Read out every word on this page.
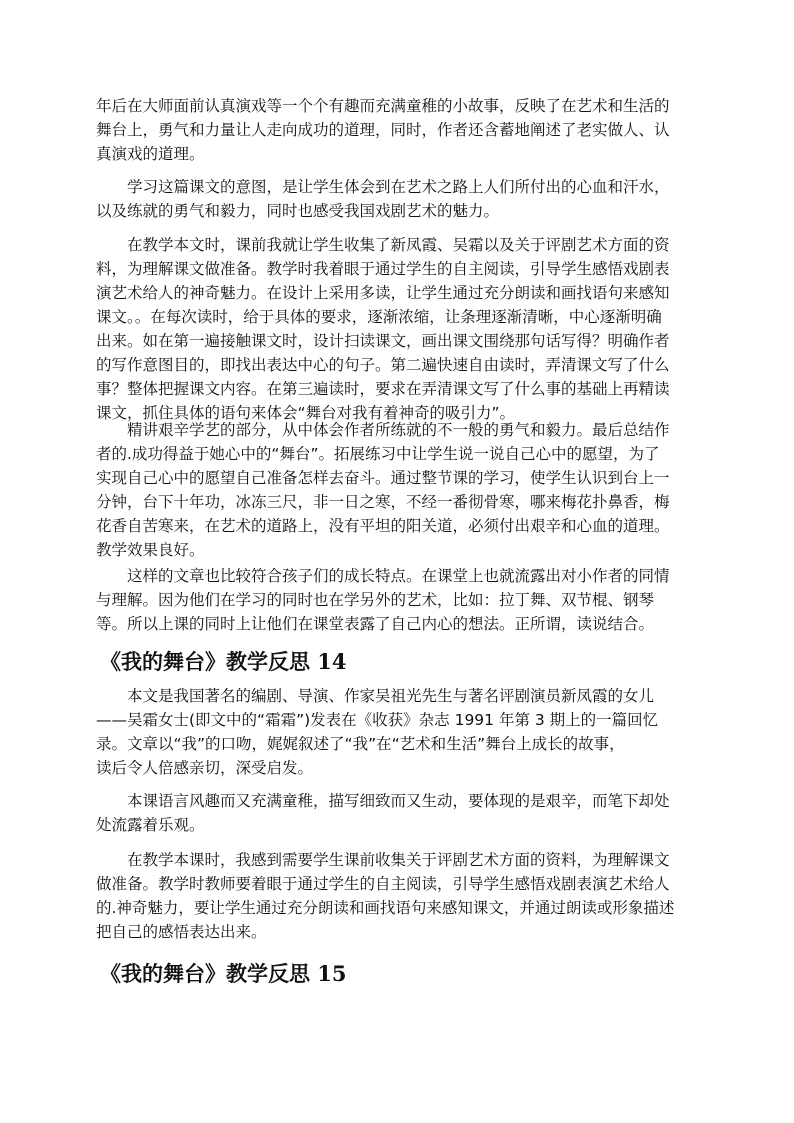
年后在大师面前认真演戏等一个个有趣而充满童稚的小故事，反映了在艺术和生活的
舞台上，勇气和力量让人走向成功的道理，同时，作者还含蓄地阐述了老实做人、认
真演戏的道理。

　　学习这篇课文的意图，是让学生体会到在艺术之路上人们所付出的心血和汗水，
以及练就的勇气和毅力，同时也感受我国戏剧艺术的魅力。

　　在教学本文时，课前我就让学生收集了新凤霞、吴霜以及关于评剧艺术方面的资
料，为理解课文做准备。教学时我着眼于通过学生的自主阅读，引导学生感悟戏剧表
演艺术给人的神奇魅力。在设计上采用多读，让学生通过充分朗读和画找语句来感知
课文。。在每次读时，给于具体的要求，逐渐浓缩，让条理逐渐清晰，中心逐渐明确
出来。如在第一遍接触课文时，设计扫读课文，画出课文围绕那句话写得？明确作者
的写作意图目的，即找出表达中心的句子。第二遍快速自由读时，弄清课文写了什么
事？整体把握课文内容。在第三遍读时，要求在弄清课文写了什么事的基础上再精读
课文，抓住具体的语句来体会“舞台对我有着神奇的吸引力”。

　　精讲艰辛学艺的部分，从中体会作者所练就的不一般的勇气和毅力。最后总结作
者的.成功得益于她心中的“舞台”。拓展练习中让学生说一说自己心中的愿望，为了
实现自己心中的愿望自己准备怎样去奋斗。通过整节课的学习，使学生认识到台上一
分钟，台下十年功，冰冻三尺，非一日之寒，不经一番彻骨寒，哪来梅花扑鼻香，梅
花香自苦寒来，在艺术的道路上，没有平坦的阳关道，必须付出艰辛和心血的道理。
教学效果良好。

　　这样的文章也比较符合孩子们的成长特点。在课堂上也就流露出对小作者的同情
与理解。因为他们在学习的同时也在学另外的艺术，比如：拉丁舞、双节棍、钢琴
等。所以上课的同时上让他们在课堂表露了自己内心的想法。正所谓，读说结合。

《我的舞台》教学反思 14

　　本文是我国著名的编剧、导演、作家吴祖光先生与著名评剧演员新凤霞的女儿
——吴霜女士(即文中的“霜霜”)发表在《收获》杂志 1991 年第 3 期上的一篇回忆
录。文章以“我”的口吻，娓娓叙述了“我”在“艺术和生活”舞台上成长的故事，
读后令人倍感亲切，深受启发。

　　本课语言风趣而又充满童稚，描写细致而又生动，要体现的是艰辛，而笔下却处
处流露着乐观。

　　在教学本课时，我感到需要学生课前收集关于评剧艺术方面的资料，为理解课文
做准备。教学时教师要着眼于通过学生的自主阅读，引导学生感悟戏剧表演艺术给人
的.神奇魅力，要让学生通过充分朗读和画找语句来感知课文，并通过朗读或形象描述
把自己的感悟表达出来。

《我的舞台》教学反思 15
